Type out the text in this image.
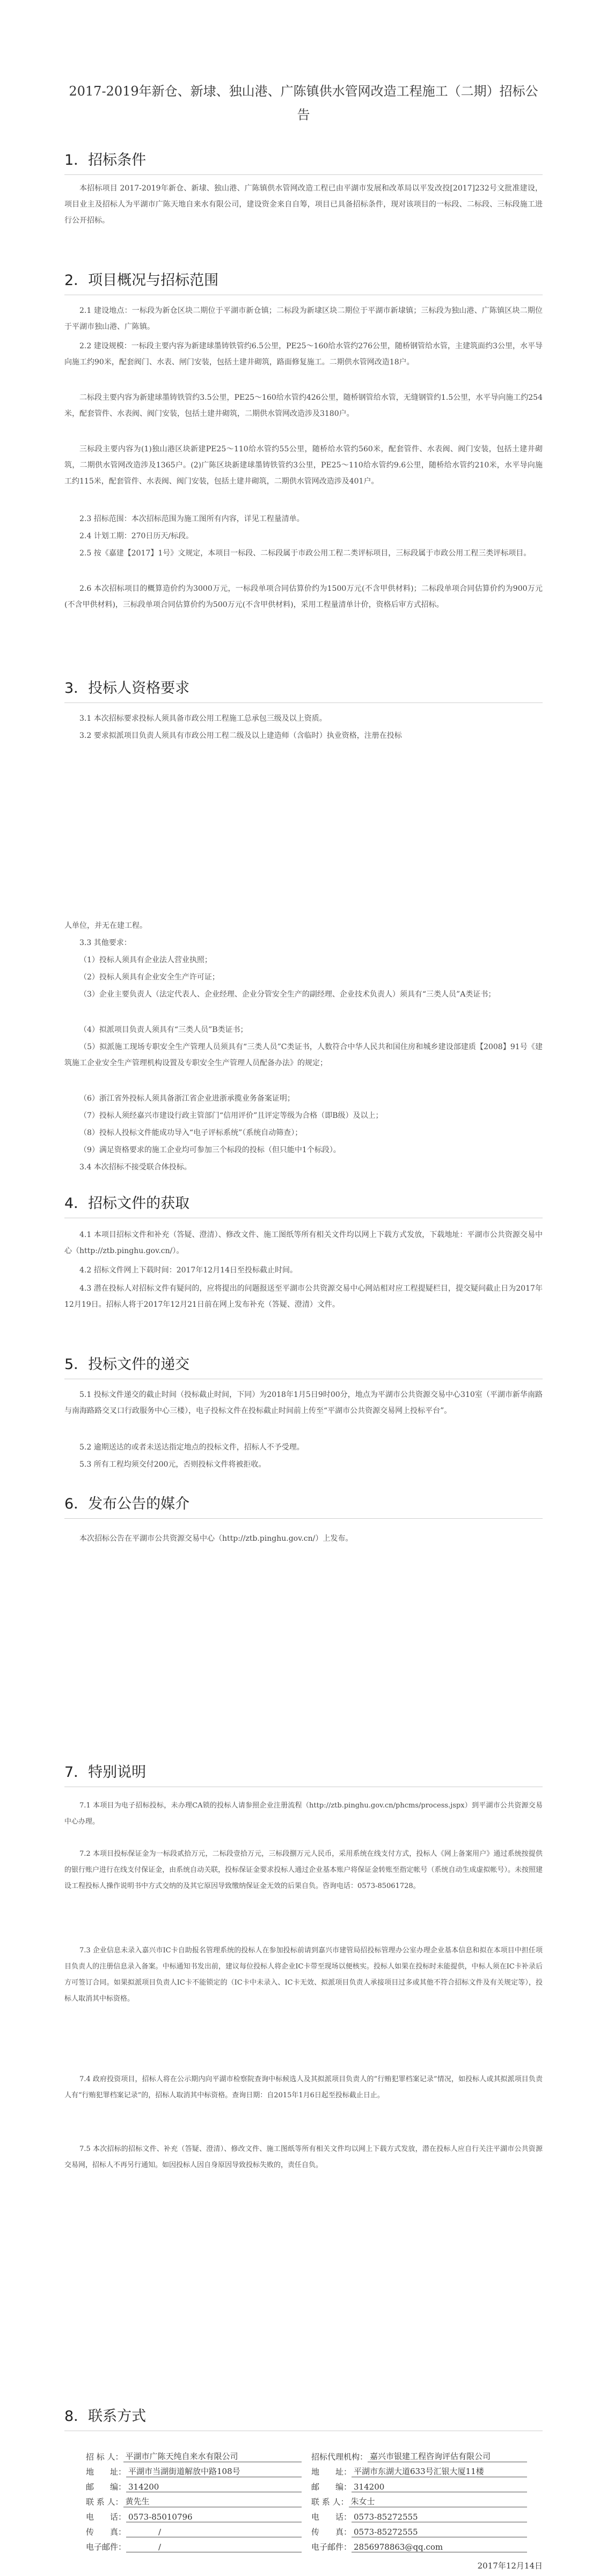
2017-2019年新仓、新埭、独山港、广陈镇供水管网改造工程施工（二期）招标公告
1．招标条件
本招标项目 2017-2019年新仓、新埭、独山港、广陈镇供水管网改造工程已由平湖市发展和改革局以平发改投[2017]232号文批准建设，项目业主及招标人为平湖市广陈天地自来水有限公司，建设资金来自自筹，项目已具备招标条件，现对该项目的一标段、二标段、三标段施工进行公开招标。
2．项目概况与招标范围
2.1 建设地点：一标段为新仓区块二期位于平湖市新仓镇；二标段为新埭区块二期位于平湖市新埭镇；三标段为独山港、广陈镇区块二期位于平湖市独山港、广陈镇。
2.2 建设规模：一标段主要内容为新建球墨铸铁管约6.5公里，PE25～160给水管约276公里，随桥钢管给水管，主建筑面约3公里，水平导向施工约90米，配套阀门、水表、闸门安装，包括土建井砌筑，路面修复施工。二期供水管网改造18户。
二标段主要内容为新建球墨铸铁管约3.5公里，PE25～160给水管约426公里，随桥钢管给水管，无缝钢管约1.5公里，水平导向施工约254米，配套管件、水表阀、阀门安装，包括土建井砌筑，二期供水管网改造涉及3180户。
三标段主要内容为(1)独山港区块新建PE25～110给水管约55公里，随桥给水管约560米，配套管件、水表阀、阀门安装，包括土建井砌筑，二期供水管网改造涉及1365户。(2)广陈区块新建球墨铸铁管约3公里，PE25～110给水管约9.6公里，随桥给水管约210米，水平导向施工约115米，配套管件、水表阀、阀门安装，包括土建井砌筑，二期供水管网改造涉及401户。
2.3 招标范围：本次招标范围为施工图所有内容，详见工程量清单。
2.4 计划工期：270日历天/标段。
2.5 按《嘉建【2017】1号》文规定，本项目一标段、二标段属于市政公用工程二类评标项目，三标段属于市政公用工程三类评标项目。
2.6 本次招标项目的概算造价约为3000万元，一标段单项合同估算价约为1500万元(不含甲供材料)；二标段单项合同估算价约为900万元(不含甲供材料)，三标段单项合同估算价约为500万元(不含甲供材料)，采用工程量清单计价，资格后审方式招标。
3．投标人资格要求
3.1 本次招标要求投标人须具备市政公用工程施工总承包三级及以上资质。
3.2 要求拟派项目负责人须具有市政公用工程二级及以上建造师（含临时）执业资格，注册在投标
人单位，并无在建工程。
3.3 其他要求：
（1）投标人须具有企业法人营业执照；
（2）投标人须具有企业安全生产许可证；
（3）企业主要负责人（法定代表人、企业经理、企业分管安全生产的副经理、企业技术负责人）须具有“三类人员”A类证书；
（4）拟派项目负责人须具有“三类人员”B类证书；
（5）拟派施工现场专职安全生产管理人员须具有“三类人员”C类证书，人数符合中华人民共和国住房和城乡建设部建质【2008】91号《建筑施工企业安全生产管理机构设置及专职安全生产管理人员配备办法》的规定；
（6）浙江省外投标人须具备浙江省企业进浙承揽业务备案证明；
（7）投标人须经嘉兴市建设行政主管部门“信用评价”且评定等级为合格（即B级）及以上；
（8）投标人投标文件能成功导入“电子评标系统”（系统自动筛查）；
（9）满足资格要求的施工企业均可参加三个标段的投标（但只能中1个标段）。
3.4 本次招标不接受联合体投标。
4．招标文件的获取
4.1 本项目招标文件和补充（答疑、澄清）、修改文件、施工图纸等所有相关文件均以网上下载方式发放，下载地址：平湖市公共资源交易中心（http://ztb.pinghu.gov.cn/）。
4.2 招标文件网上下载时间：2017年12月14日至投标截止时间。
4.3 潜在投标人对招标文件有疑问的，应将提出的问题报送至平湖市公共资源交易中心网站相对应工程提疑栏目，提交疑问截止日为2017年12月19日。招标人将于2017年12月21日前在网上发布补充（答疑、澄清）文件。
5．投标文件的递交
5.1 投标文件递交的截止时间（投标截止时间，下同）为2018年1月5日9时00分，地点为平湖市公共资源交易中心310室（平湖市新华南路与南海路路交叉口行政服务中心三楼），电子投标文件在投标截止时间前上传至“平湖市公共资源交易网上投标平台”。
5.2 逾期送达的或者未送达指定地点的投标文件，招标人不予受理。
5.3 所有工程均须交付200元，否则投标文件将被拒收。
6．发布公告的媒介
本次招标公告在平湖市公共资源交易中心（http://ztb.pinghu.gov.cn/）上发布。
7．特别说明
7.1 本项目为电子招标投标，未办理CA锁的投标人请参照企业注册流程（http://ztb.pinghu.gov.cn/phcms/process.jspx）到平湖市公共资源交易中心办理。
7.2 本项目投标保证金为一标段贰拾万元，二标段壹拾万元，三标段捌万元人民币，采用系统在线支付方式，投标人《网上备案用户》通过系统按提供的银行账户进行在线支付保证金，由系统自动关联，投标保证金要求投标人通过企业基本账户将保证金转账至指定帐号（系统自动生成虚拟帐号）。未按照建设工程投标人操作说明书中方式交纳的及其它原因导致缴纳保证金无效的后果自负。咨询电话：0573-85061728。
7.3 企业信息未录入嘉兴市IC卡自助报名管理系统的投标人在参加投标前请到嘉兴市建管局招投标管理办公室办理企业基本信息和拟在本项目中担任项目负责人的注册信息录入备案。中标通知书发出前，建议每位投标人将企业IC卡带至现场以便核实。投标人如果在投标时未能提供，中标人须在IC卡补录后方可签订合同。如果拟派项目负责人IC卡不能锁定的（IC卡中未录入、IC卡无效、拟派项目负责人承接项目过多或其他不符合招标文件及有关规定等），投标人取消其中标资格。
7.4 政府投资项目，招标人将在公示期内向平湖市检察院查询中标候选人及其拟派项目负责人的“行贿犯罪档案记录”情况，如投标人或其拟派项目负责人有“行贿犯罪档案记录”的，招标人取消其中标资格。查询日期：自2015年1月6日起至投标截止日止。
7.5 本次招标的招标文件、补充（答疑、澄清）、修改文件、施工图纸等所有相关文件均以网上下载方式发放，潜在投标人应自行关注平湖市公共资源交易网，招标人不再另行通知。如因投标人因自身原因导致投标失败的，责任自负。
8．联系方式
招 标 人： 平湖市广陈天纯自来水有限公司	招标代理机构： 嘉兴市银建工程咨询评估有限公司
地　　址： 平湖市当湖街道解放中路108号	地　　址： 平湖市东湖大道633号汇银大厦11楼
邮　　编： 314200	邮　　编： 314200
联 系 人： 黄先生	联 系 人： 朱女士
电　　话： 0573-85010796	电　　话： 0573-85272555
传　　真：	/	传　　真： 0573-85272555
电子邮件：	/	电子邮件： 2856978863@qq.com
2017年12月14日
